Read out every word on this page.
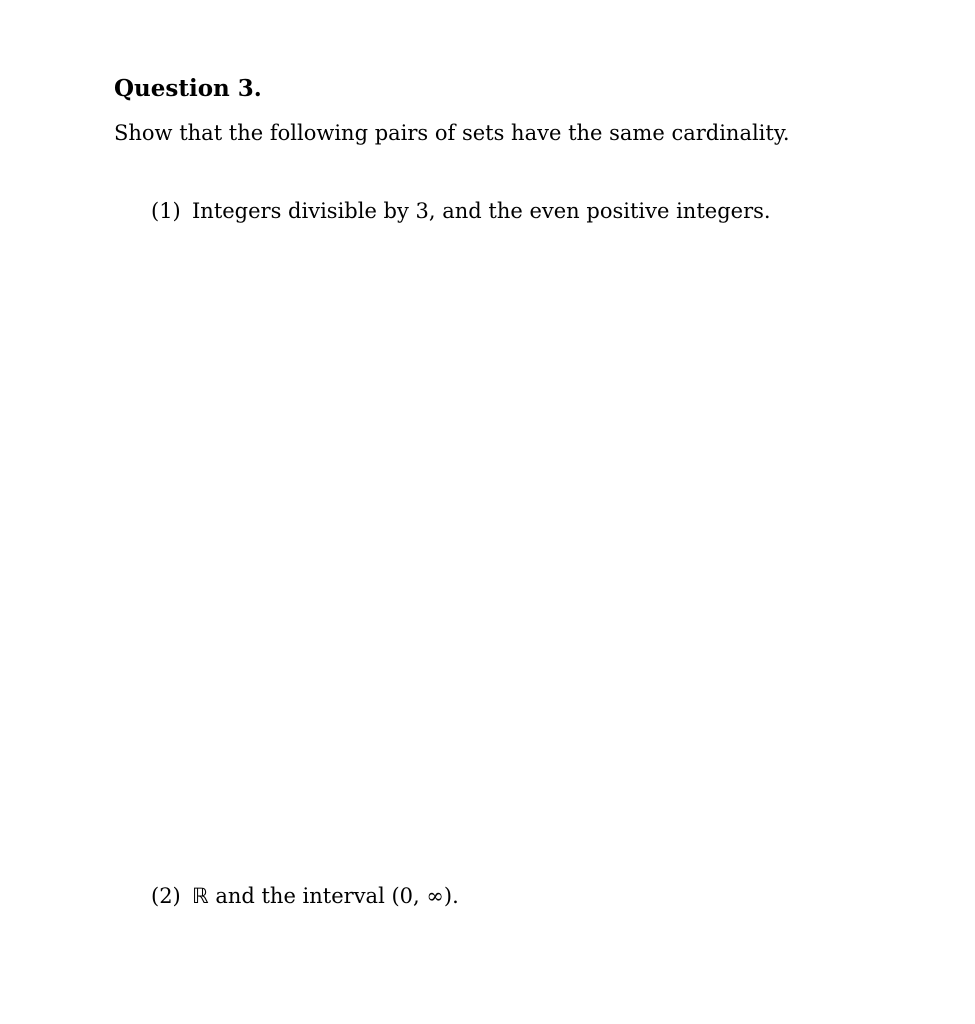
Question 3.
Show that the following pairs of sets have the same cardinality.
(1) Integers divisible by 3, and the even positive integers.
(2) ℝ and the interval (0, ∞).
